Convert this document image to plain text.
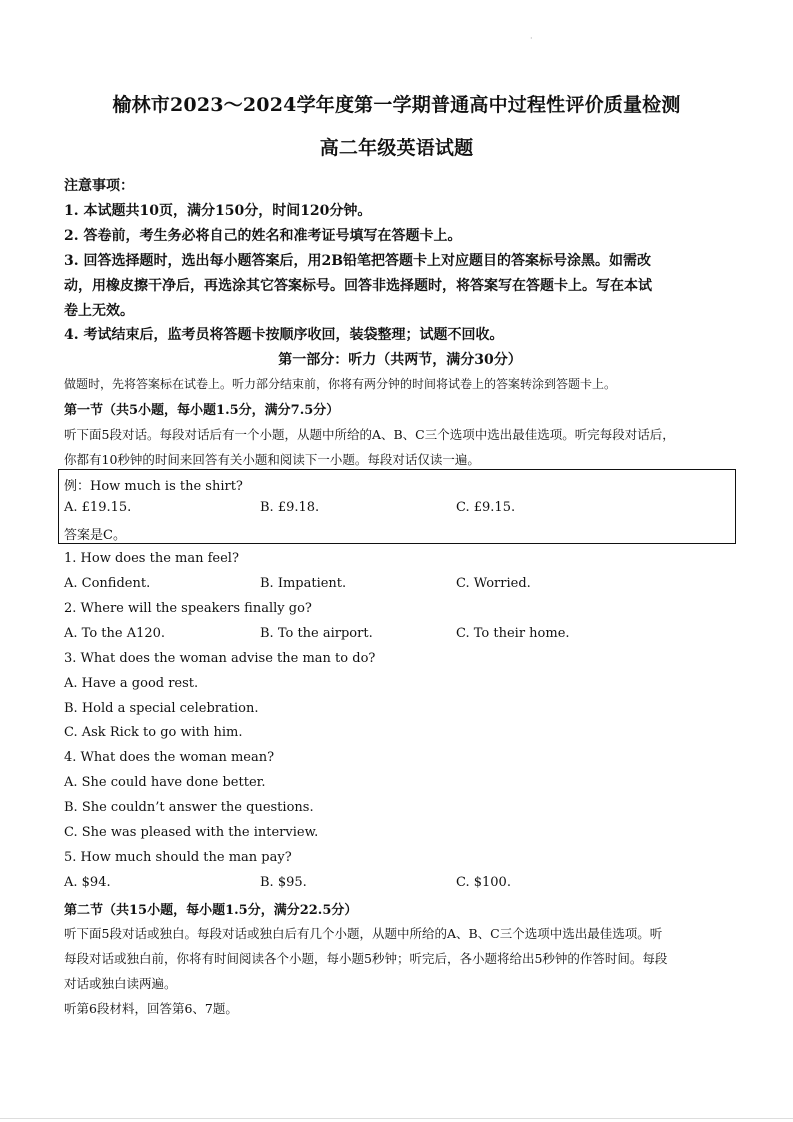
·
榆林市2023～2024学年度第一学期普通高中过程性评价质量检测
高二年级英语试题
注意事项：
1. 本试题共10页，满分150分，时间120分钟。
2. 答卷前，考生务必将自己的姓名和准考证号填写在答题卡上。
3. 回答选择题时，选出每小题答案后，用2B铅笔把答题卡上对应题目的答案标号涂黑。如需改
动，用橡皮擦干净后，再选涂其它答案标号。回答非选择题时，将答案写在答题卡上。写在本试
卷上无效。
4. 考试结束后，监考员将答题卡按顺序收回，装袋整理；试题不回收。
第一部分：听力（共两节，满分30分）
做题时，先将答案标在试卷上。听力部分结束前，你将有两分钟的时间将试卷上的答案转涂到答题卡上。
第一节（共5小题，每小题1.5分，满分7.5分）
听下面5段对话。每段对话后有一个小题，从题中所给的A、B、C三个选项中选出最佳选项。听完每段对话后，
你都有10秒钟的时间来回答有关小题和阅读下一小题。每段对话仅读一遍。
例：How much is the shirt?
A. £19.15.	B. £9.18.	C. £9.15.
答案是C。
1. How does the man feel?
A. Confident.	B. Impatient.	C. Worried.
2. Where will the speakers finally go?
A. To the A120.	B. To the airport.	C. To their home.
3. What does the woman advise the man to do?
A. Have a good rest.
B. Hold a special celebration.
C. Ask Rick to go with him.
4. What does the woman mean?
A. She could have done better.
B. She couldn’t answer the questions.
C. She was pleased with the interview.
5. How much should the man pay?
A. $94.	B. $95.	C. $100.
第二节（共15小题，每小题1.5分，满分22.5分）
听下面5段对话或独白。每段对话或独白后有几个小题，从题中所给的A、B、C三个选项中选出最佳选项。听
每段对话或独白前，你将有时间阅读各个小题，每小题5秒钟；听完后，各小题将给出5秒钟的作答时间。每段
对话或独白读两遍。
听第6段材料，回答第6、7题。
